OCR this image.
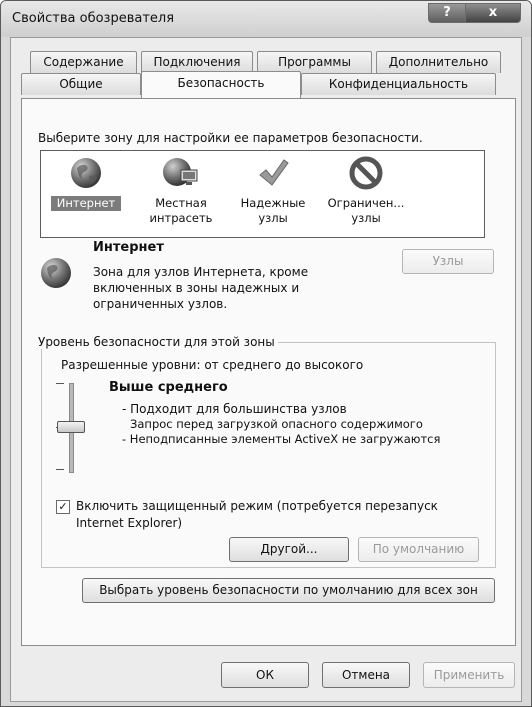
Свойства обозревателя	?	x
Содержание	Подключения	Программы	Дополнительно
Общие	Безопасность	Конфиденциальность
Выберите зону для настройки ее параметров безопасности.
Интернет	Местная
интрасеть
Надежные
узлы
Ограничен...
узлы
Интернет
Зона для узлов Интернета, кроме
включенных в зоны надежных и
ограниченных узлов.
Узлы
Уровень безопасности для этой зоны
Разрешенные уровни: от среднего до высокого
Выше среднего
- Подходит для большинства узлов
Запрос перед загрузкой опасного содержимого
- Неподписанные элементы ActiveX не загружаются
✓ Включить защищенный режим (потребуется перезапуск
Internet Explorer)
Другой...	По умолчанию
Выбрать уровень безопасности по умолчанию для всех зон
ОК	Отмена	Применить
